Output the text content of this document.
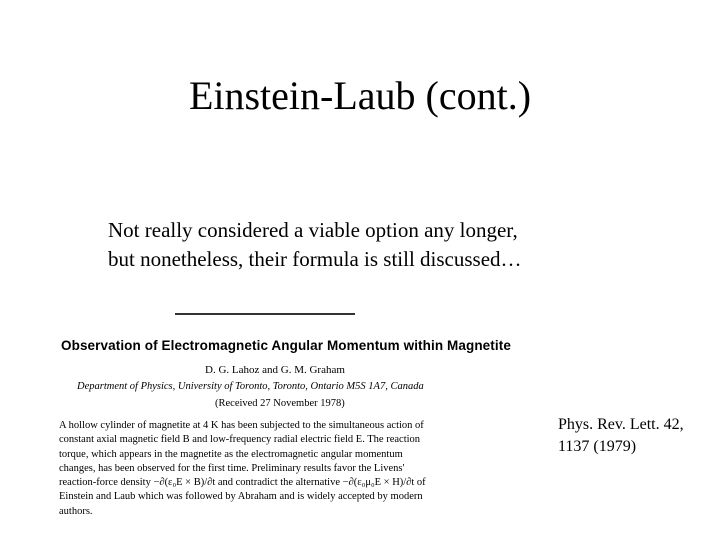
Einstein-Laub (cont.)
Not really considered a viable option any longer,
but nonetheless, their formula is still discussed…
Observation of Electromagnetic Angular Momentum within Magnetite
D. G. Lahoz and G. M. Graham
Department of Physics, University of Toronto, Toronto, Ontario M5S 1A7, Canada
(Received 27 November 1978)
A hollow cylinder of magnetite at 4 K has been subjected to the simultaneous action of
constant axial magnetic field B and low-frequency radial electric field E. The reaction
torque, which appears in the magnetite as the electromagnetic angular momentum
changes, has been observed for the first time. Preliminary results favor the Livens'
reaction-force density −∂(ε₀E × B)/∂t and contradict the alternative −∂(ε₀μ₀E × H)/∂t of
Einstein and Laub which was followed by Abraham and is widely accepted by modern
authors.
Phys. Rev. Lett. 42,
1137 (1979)
